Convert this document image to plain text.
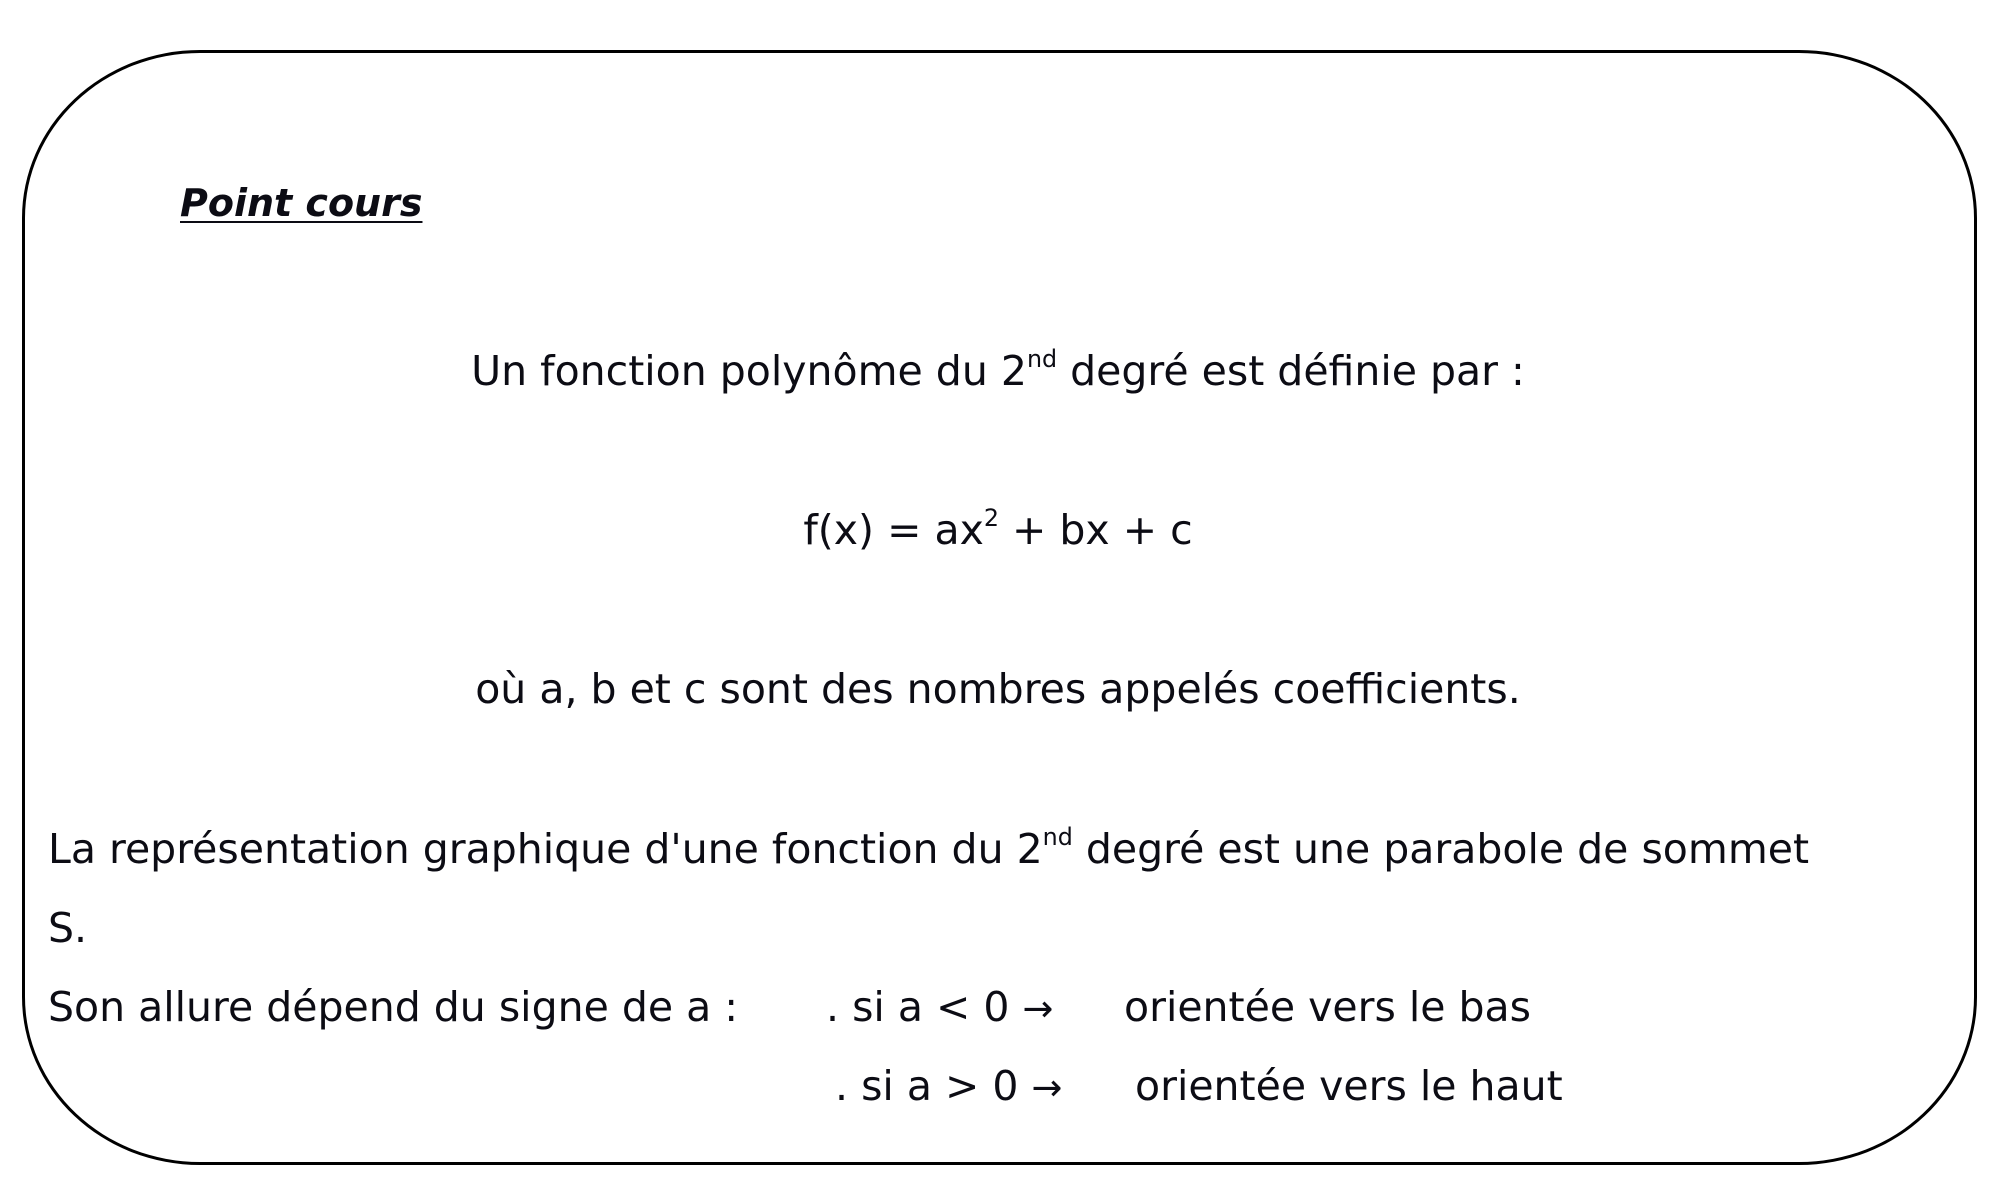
Point cours
Un fonction polynôme du 2nd degré est définie par :
$f(x) = ax^2$ + bx + c
où a, b et c sont des nombres appelés coefficients.
La représentation graphique d'une fonction du 2nd degré est une parabole de sommet
S.
Son allure dépend du signe de a : . si a < 0 → orientée vers le bas
. si a > 0 → orientée vers le haut
